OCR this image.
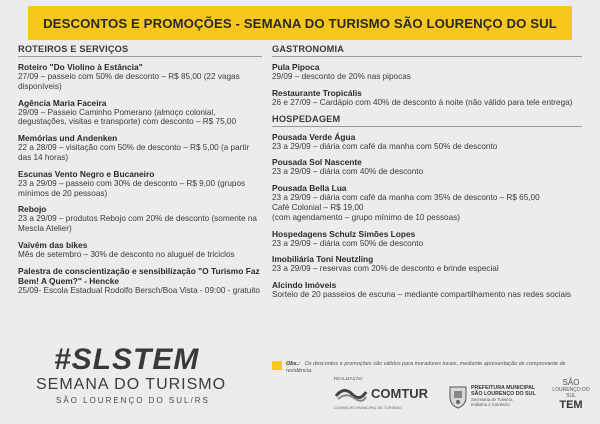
DESCONTOS E PROMOÇÕES - SEMANA DO TURISMO SÃO LOURENÇO DO SUL
ROTEIROS E SERVIÇOS
Roteiro "Do Violino à Estância"
27/09 – passeio com 50% de desconto – R$ 85,00 (22 vagas disponíveis)
Agência Maria Faceira
29/09 – Passeio Caminho Pomerano (almoço colonial, degustações, visitas e transporte) com desconto – R$ 75,00
Memórias und Andenken
22 a 28/09 – visitação com 50% de desconto – R$ 5,00 (a partir das 14 horas)
Escunas Vento Negro e Bucaneiro
23 a 29/09 – passeio com 30% de desconto – R$ 9,00 (grupos mínimos de 20 pessoas)
Rebojo
23 a 29/09 – produtos Rebojo com 20% de desconto (somente na Mescla Atelier)
Vaivém das bikes
Mês de setembro – 30% de desconto no aluguel de triciclos
Palestra de conscientização e sensibilização "O Turismo Faz Bem! A Quem?" - Hencke
25/09- Escola Estadual Rodolfo Bersch/Boa Vista - 09:00 - gratuito
GASTRONOMIA
Pula Pipoca
29/09 – desconto de 20% nas pipocas
Restaurante Tropicális
26 e 27/09 – Cardápio com 40% de desconto à noite (não válido para tele entrega)
HOSPEDAGEM
Pousada Verde Água
23 a 29/09 – diária com café da manha com 50% de desconto
Pousada Sol Nascente
23 a 29/09 – diária com 40% de desconto
Pousada Bella Lua
23 a 29/09 – diária com café da manha com 35% de desconto – R$ 65,00
Café Colonial – R$ 19,00
(com agendamento – grupo mínimo de 10 pessoas)
Hospedagens Schulz Simões Lopes
23 a 29/09 – diária com 50% de desconto
Imobiliária Toni Neutzling
23 a 29/09 – reservas com 20% de desconto e brinde especial
Alcindo Imóveis
Sorteio de 20 passeios de escuna – mediante compartilhamento nas redes sociais
#SLSTEM
SEMANA DO TURISMO
SÃO LOURENÇO DO SUL/RS
Obs.: Os descontos e promoções são válidos para moradores locais, mediante apresentação de comprovante de residência.
REALIZAÇÃO
COMTUR
CONSELHO MUNICIPAL DE TURISMO
PREFEITURA MUNICIPAL
SÃO LOURENÇO DO SUL
Secretaria de Turismo,
Indústria e Comércio
SÃO
LOURENÇO DO SUL
TEM
